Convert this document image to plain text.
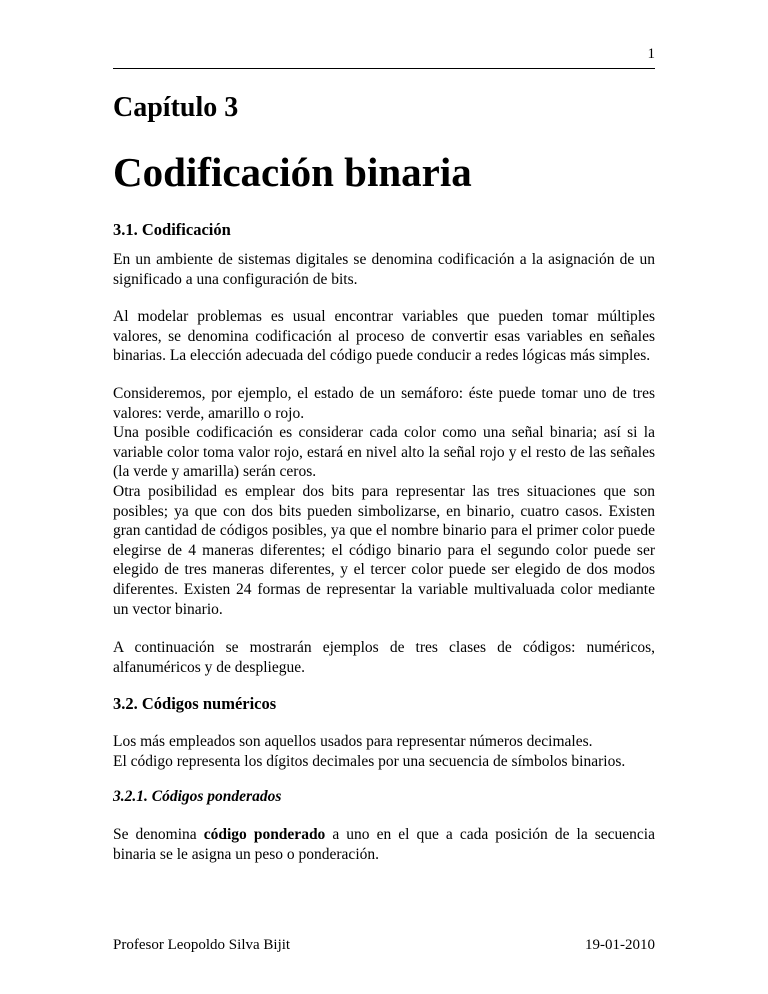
1
Capítulo 3
Codificación binaria
3.1. Codificación

En un ambiente de sistemas digitales se denomina codificación a la asignación de un significado a una configuración de bits.

Al modelar problemas es usual encontrar variables que pueden tomar múltiples valores, se denomina codificación al proceso de convertir esas variables en señales binarias. La elección adecuada del código puede conducir a redes lógicas más simples.

Consideremos, por ejemplo, el estado de un semáforo: éste puede tomar uno de tres valores: verde, amarillo o rojo.
Una posible codificación es considerar cada color como una señal binaria; así si la variable color toma valor rojo, estará en nivel alto la señal rojo y el resto de las señales (la verde y amarilla) serán ceros.
Otra posibilidad es emplear dos bits para representar las tres situaciones que son posibles; ya que con dos bits pueden simbolizarse, en binario, cuatro casos. Existen gran cantidad de códigos posibles, ya que el nombre binario para el primer color puede elegirse de 4 maneras diferentes; el código binario para el segundo color puede ser elegido de tres maneras diferentes, y el tercer color puede ser elegido de dos modos diferentes. Existen 24 formas de representar la variable multivaluada color mediante un vector binario.

A continuación se mostrarán ejemplos de tres clases de códigos: numéricos, alfanuméricos y de despliegue.

3.2. Códigos numéricos
Los más empleados son aquellos usados para representar números decimales.
El código representa los dígitos decimales por una secuencia de símbolos binarios.
3.2.1. Códigos ponderados

Se denomina código ponderado a uno en el que a cada posición de la secuencia binaria se le asigna un peso o ponderación.

Profesor Leopoldo Silva Bijit	19-01-2010
